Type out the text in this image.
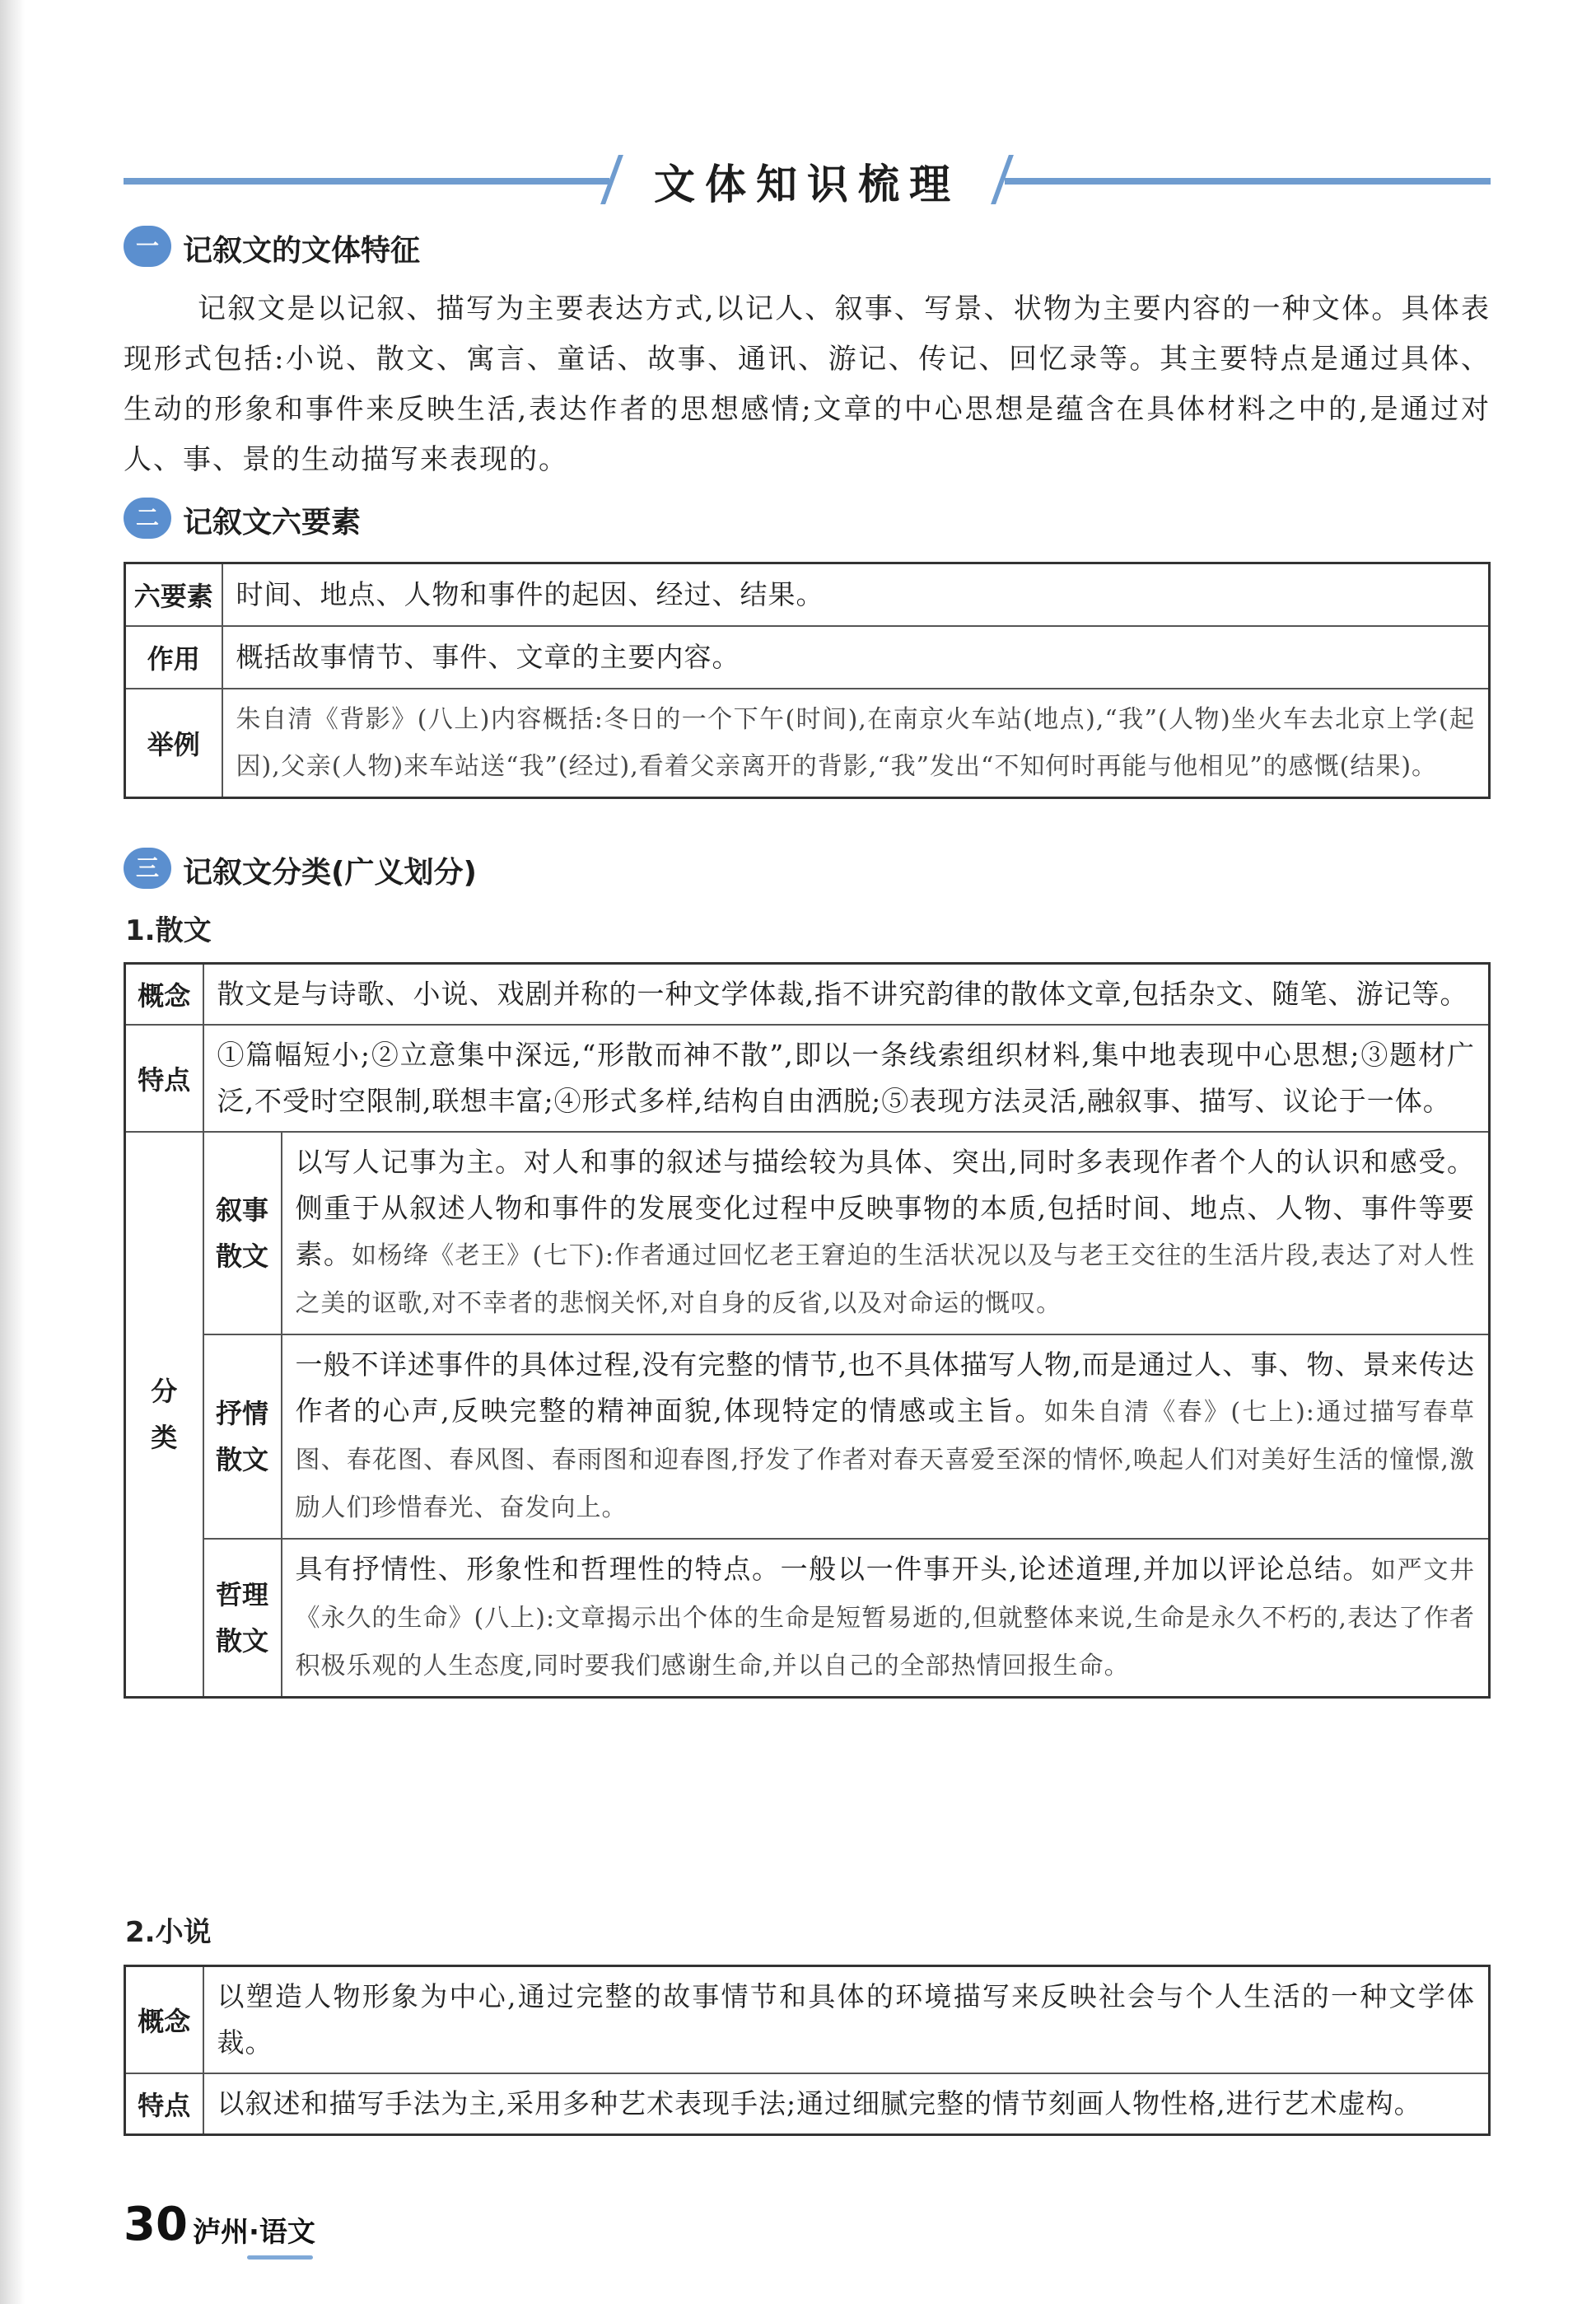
文体知识梳理
一 记叙文的文体特征
记叙文是以记叙、描写为主要表达方式,以记人、叙事、写景、状物为主要内容的一种文体。具体表现形式包括:小说、散文、寓言、童话、故事、通讯、游记、传记、回忆录等。其主要特点是通过具体、生动的形象和事件来反映生活,表达作者的思想感情;文章的中心思想是蕴含在具体材料之中的,是通过对人、事、景的生动描写来表现的。
二 记叙文六要素
六要素	时间、地点、人物和事件的起因、经过、结果。
作用	概括故事情节、事件、文章的主要内容。
举例	朱自清《背影》(八上)内容概括:冬日的一个下午(时间),在南京火车站(地点),“我”(人物)坐火车去北京上学(起因),父亲(人物)来车站送“我”(经过),看着父亲离开的背影,“我”发出“不知何时再能与他相见”的感慨(结果)。
三 记叙文分类(广义划分)
1.散文
概念	散文是与诗歌、小说、戏剧并称的一种文学体裁,指不讲究韵律的散体文章,包括杂文、随笔、游记等。	
特点	①篇幅短小;②立意集中深远,“形散而神不散”,即以一条线索组织材料,集中地表现中心思想;③题材广泛,不受时空限制,联想丰富;④形式多样,结构自由洒脱;⑤表现方法灵活,融叙事、描写、议论于一体。	
分类	叙事散文	以写人记事为主。对人和事的叙述与描绘较为具体、突出,同时多表现作者个人的认识和感受。侧重于从叙述人物和事件的发展变化过程中反映事物的本质,包括时间、地点、人物、事件等要素。如杨绛《老王》(七下):作者通过回忆老王窘迫的生活状况以及与老王交往的生活片段,表达了对人性之美的讴歌,对不幸者的悲悯关怀,对自身的反省,以及对命运的慨叹。
	抒情散文	一般不详述事件的具体过程,没有完整的情节,也不具体描写人物,而是通过人、事、物、景来传达作者的心声,反映完整的精神面貌,体现特定的情感或主旨。如朱自清《春》(七上):通过描写春草图、春花图、春风图、春雨图和迎春图,抒发了作者对春天喜爱至深的情怀,唤起人们对美好生活的憧憬,激励人们珍惜春光、奋发向上。
	哲理散文	具有抒情性、形象性和哲理性的特点。一般以一件事开头,论述道理,并加以评论总结。如严文井《永久的生命》(八上):文章揭示出个体的生命是短暂易逝的,但就整体来说,生命是永久不朽的,表达了作者积极乐观的人生态度,同时要我们感谢生命,并以自己的全部热情回报生命。
2.小说
概念	以塑造人物形象为中心,通过完整的故事情节和具体的环境描写来反映社会与个人生活的一种文学体裁。
特点	以叙述和描写手法为主,采用多种艺术表现手法;通过细腻完整的情节刻画人物性格,进行艺术虚构。
30 泸州·语文
